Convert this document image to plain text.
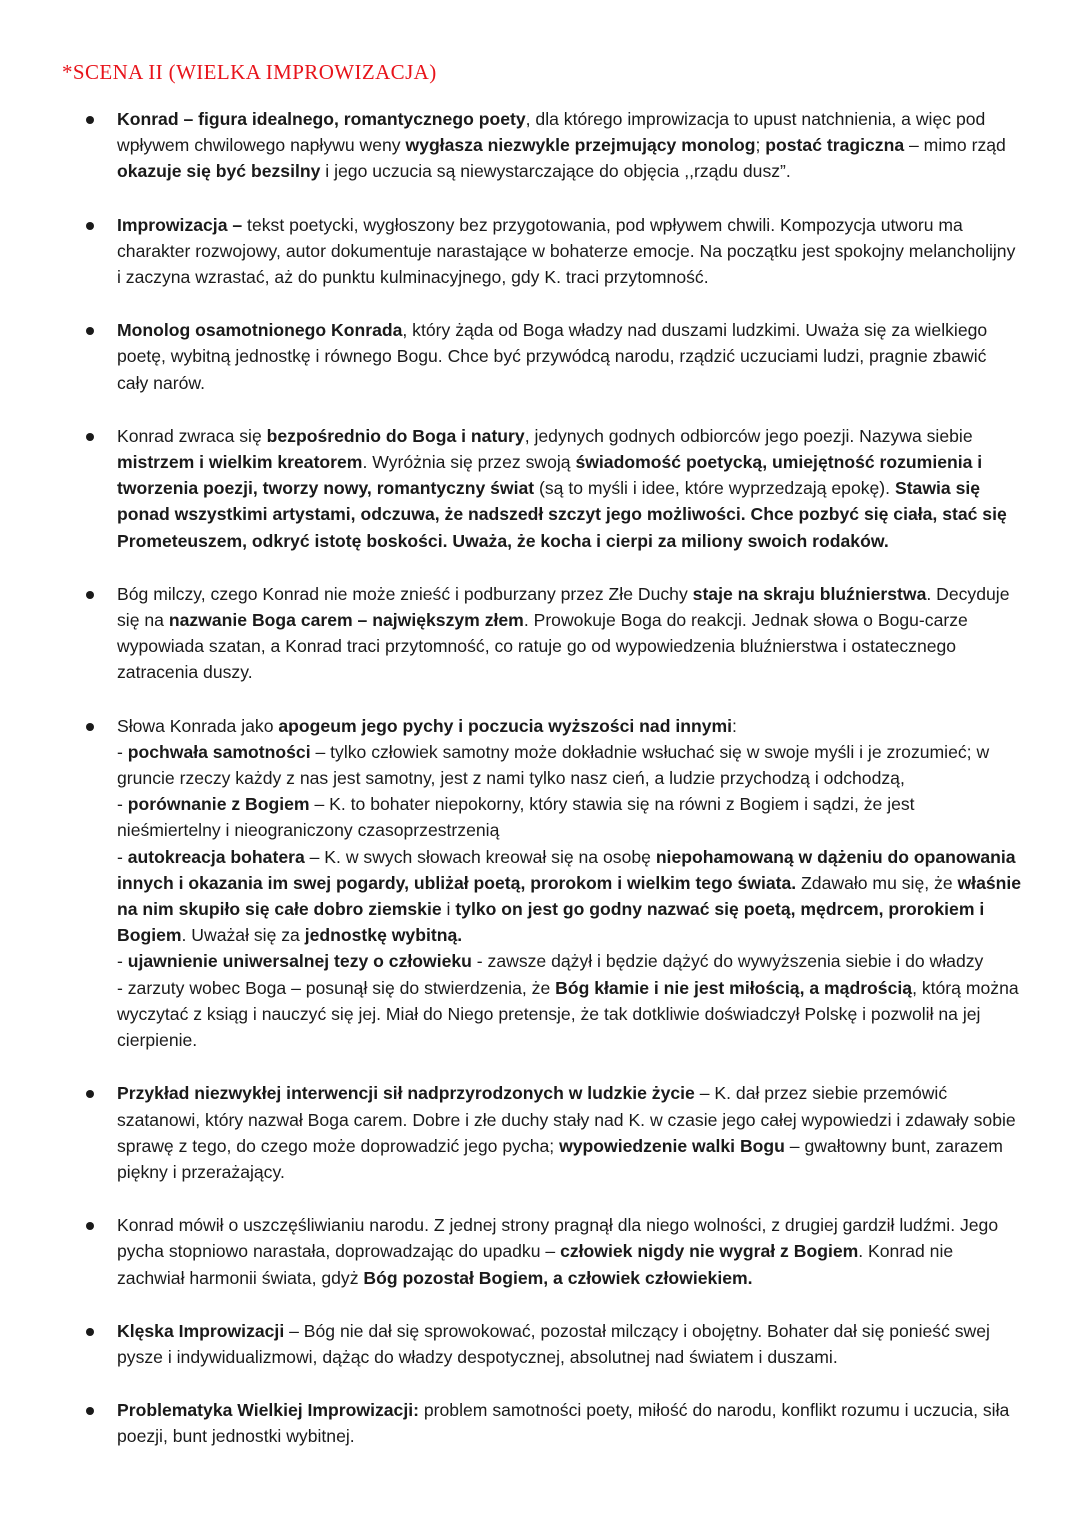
*SCENA II (WIELKA IMPROWIZACJA)
Konrad – figura idealnego, romantycznego poety, dla którego improwizacja to upust natchnienia, a więc pod wpływem chwilowego napływu weny wygłasza niezwykle przejmujący monolog; postać tragiczna – mimo rząd okazuje się być bezsilny i jego uczucia są niewystarczające do objęcia ,,rządu dusz”.
Improwizacja – tekst poetycki, wygłoszony bez przygotowania, pod wpływem chwili. Kompozycja utworu ma charakter rozwojowy, autor dokumentuje narastające w bohaterze emocje. Na początku jest spokojny melancholijny i zaczyna wzrastać, aż do punktu kulminacyjnego, gdy K. traci przytomność.
Monolog osamotnionego Konrada, który żąda od Boga władzy nad duszami ludzkimi. Uważa się za wielkiego poetę, wybitną jednostkę i równego Bogu. Chce być przywódcą narodu, rządzić uczuciami ludzi, pragnie zbawić cały narów.
Konrad zwraca się bezpośrednio do Boga i natury, jedynych godnych odbiorców jego poezji. Nazywa siebie mistrzem i wielkim kreatorem. Wyróżnia się przez swoją świadomość poetycką, umiejętność rozumienia i tworzenia poezji, tworzy nowy, romantyczny świat (są to myśli i idee, które wyprzedzają epokę). Stawia się ponad wszystkimi artystami, odczuwa, że nadszedł szczyt jego możliwości. Chce pozbyć się ciała, stać się Prometeuszem, odkryć istotę boskości. Uważa, że kocha i cierpi za miliony swoich rodaków.
Bóg milczy, czego Konrad nie może znieść i podburzany przez Złe Duchy staje na skraju bluźnierstwa. Decyduje się na nazwanie Boga carem – największym złem. Prowokuje Boga do reakcji. Jednak słowa o Bogu-carze wypowiada szatan, a Konrad traci przytomność, co ratuje go od wypowiedzenia bluźnierstwa i ostatecznego zatracenia duszy.
Słowa Konrada jako apogeum jego pychy i poczucia wyższości nad innymi:
- pochwała samotności – tylko człowiek samotny może dokładnie wsłuchać się w swoje myśli i je zrozumieć; w gruncie rzeczy każdy z nas jest samotny, jest z nami tylko nasz cień, a ludzie przychodzą i odchodzą,
- porównanie z Bogiem – K. to bohater niepokorny, który stawia się na równi z Bogiem i sądzi, że jest nieśmiertelny i nieograniczony czasoprzestrzenią
- autokreacja bohatera – K. w swych słowach kreował się na osobę niepohamowaną w dążeniu do opanowania innych i okazania im swej pogardy, ubliżał poetą, prorokom i wielkim tego świata. Zdawało mu się, że właśnie na nim skupiło się całe dobro ziemskie i tylko on jest go godny nazwać się poetą, mędrcem, prorokiem i Bogiem. Uważał się za jednostkę wybitną.
- ujawnienie uniwersalnej tezy o człowieku - zawsze dążył i będzie dążyć do wywyższenia siebie i do władzy
- zarzuty wobec Boga – posunął się do stwierdzenia, że Bóg kłamie i nie jest miłością, a mądrością, którą można wyczytać z ksiąg i nauczyć się jej. Miał do Niego pretensje, że tak dotkliwie doświadczył Polskę i pozwolił na jej cierpienie.
Przykład niezwykłej interwencji sił nadprzyrodzonych w ludzkie życie – K. dał przez siebie przemówić szatanowi, który nazwał Boga carem. Dobre i złe duchy stały nad K. w czasie jego całej wypowiedzi i zdawały sobie sprawę z tego, do czego może doprowadzić jego pycha; wypowiedzenie walki Bogu – gwałtowny bunt, zarazem piękny i przerażający.
Konrad mówił o uszczęśliwianiu narodu. Z jednej strony pragnął dla niego wolności, z drugiej gardził ludźmi. Jego pycha stopniowo narastała, doprowadzając do upadku – człowiek nigdy nie wygrał z Bogiem. Konrad nie zachwiał harmonii świata, gdyż Bóg pozostał Bogiem, a człowiek człowiekiem.
Klęska Improwizacji – Bóg nie dał się sprowokować, pozostał milczący i obojętny. Bohater dał się ponieść swej pysze i indywidualizmowi, dążąc do władzy despotycznej, absolutnej nad światem i duszami.
Problematyka Wielkiej Improwizacji: problem samotności poety, miłość do narodu, konflikt rozumu i uczucia, siła poezji, bunt jednostki wybitnej.
